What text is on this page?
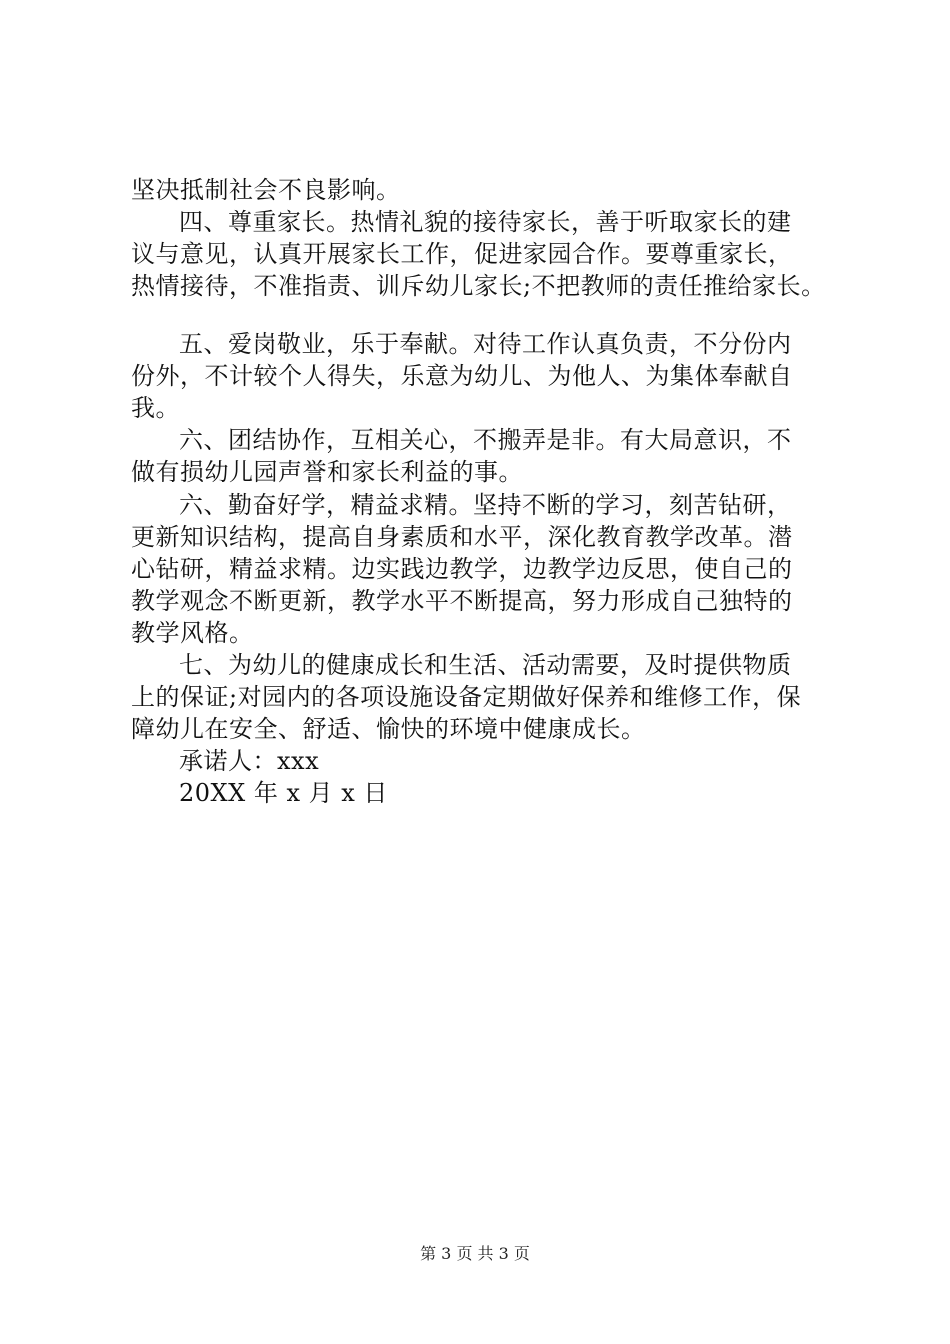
坚决抵制社会不良影响。
四、尊重家长。热情礼貌的接待家长，善于听取家长的建
议与意见，认真开展家长工作，促进家园合作。要尊重家长，
热情接待，不准指责、训斥幼儿家长;不把教师的责任推给家长。
五、爱岗敬业，乐于奉献。对待工作认真负责，不分份内
份外，不计较个人得失，乐意为幼儿、为他人、为集体奉献自
我。
六、团结协作，互相关心，不搬弄是非。有大局意识，不
做有损幼儿园声誉和家长利益的事。
六、勤奋好学，精益求精。坚持不断的学习，刻苦钻研，
更新知识结构，提高自身素质和水平，深化教育教学改革。潜
心钻研，精益求精。边实践边教学，边教学边反思，使自己的
教学观念不断更新，教学水平不断提高，努力形成自己独特的
教学风格。
七、为幼儿的健康成长和生活、活动需要，及时提供物质
上的保证;对园内的各项设施设备定期做好保养和维修工作，保
障幼儿在安全、舒适、愉快的环境中健康成长。
承诺人：xxx
20XX 年 x 月 x 日
第 3 页 共 3 页
